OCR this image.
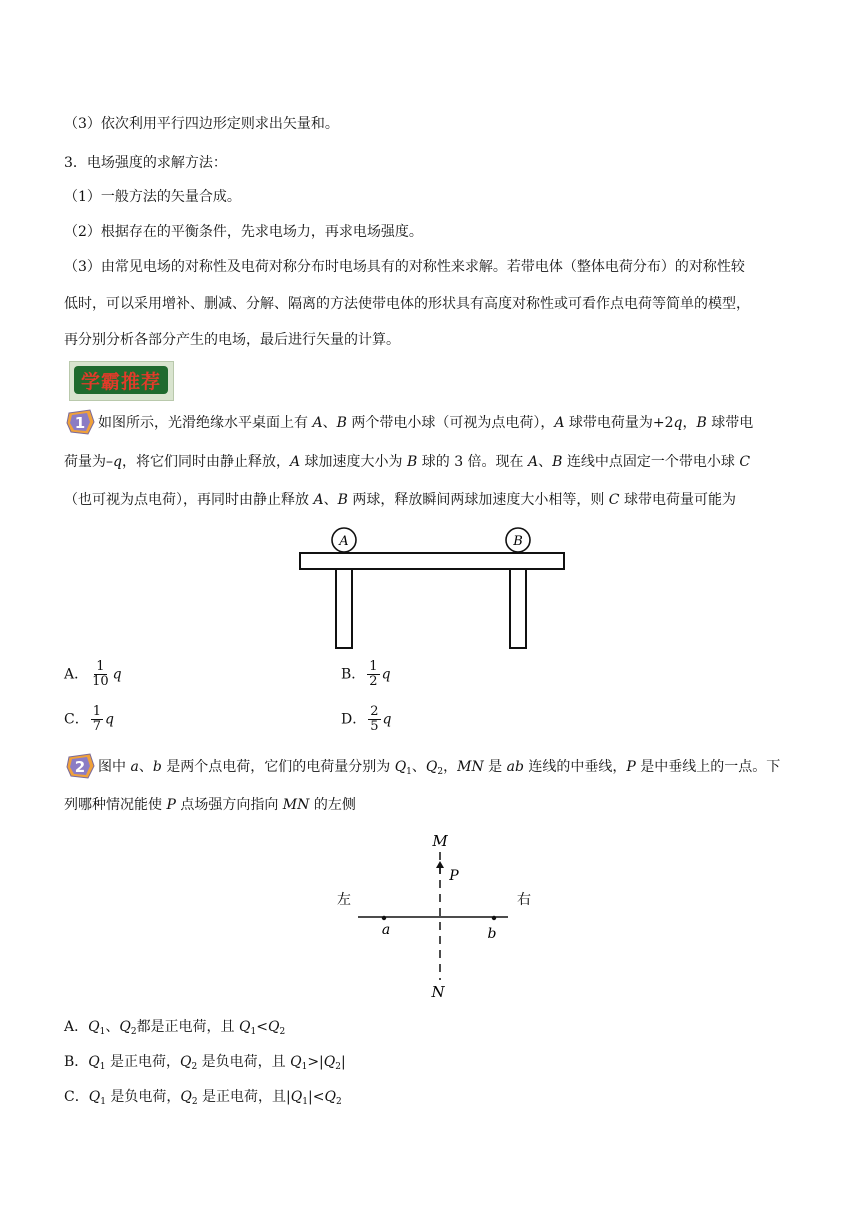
（3）依次利用平行四边形定则求出矢量和。
3．电场强度的求解方法：
（1）一般方法的矢量合成。
（2）根据存在的平衡条件，先求电场力，再求电场强度。
（3）由常见电场的对称性及电荷对称分布时电场具有的对称性来求解。若带电体（整体电荷分布）的对称性较
低时，可以采用增补、删减、分解、隔离的方法使带电体的形状具有高度对称性或可看作点电荷等简单的模型，
再分别分析各部分产生的电场，最后进行矢量的计算。
学霸推荐
1 如图所示，光滑绝缘水平桌面上有 A、B 两个带电小球（可视为点电荷），A 球带电荷量为+2q，B 球带电
荷量为–q，将它们同时由静止释放，A 球加速度大小为 B 球的 3 倍。现在 A、B 连线中点固定一个带电小球 C
（也可视为点电荷），再同时由静止释放 A、B 两球，释放瞬间两球加速度大小相等，则 C 球带电荷量可能为
A	B
A． $\frac{1}{10}$ q	B． $\frac{1}{2}$ q
C． $\frac{1}{7}$ q	D． $\frac{2}{5}$ q
2 图中 a、b 是两个点电荷，它们的电荷量分别为 $Q_1$、$Q_2$，MN 是 ab 连线的中垂线，P 是中垂线上的一点。下
列哪种情况能使 P 点场强方向指向 MN 的左侧
M
N
P
左	右
a	b
A．$Q_1$、$Q_2$都是正电荷，且 $Q_1<Q_2$
B．$Q_1$ 是正电荷，$Q_2$ 是负电荷，且 $Q_1>|Q_2|$
C．$Q_1$ 是负电荷，$Q_2$ 是正电荷，且$|Q_1|<Q_2$
